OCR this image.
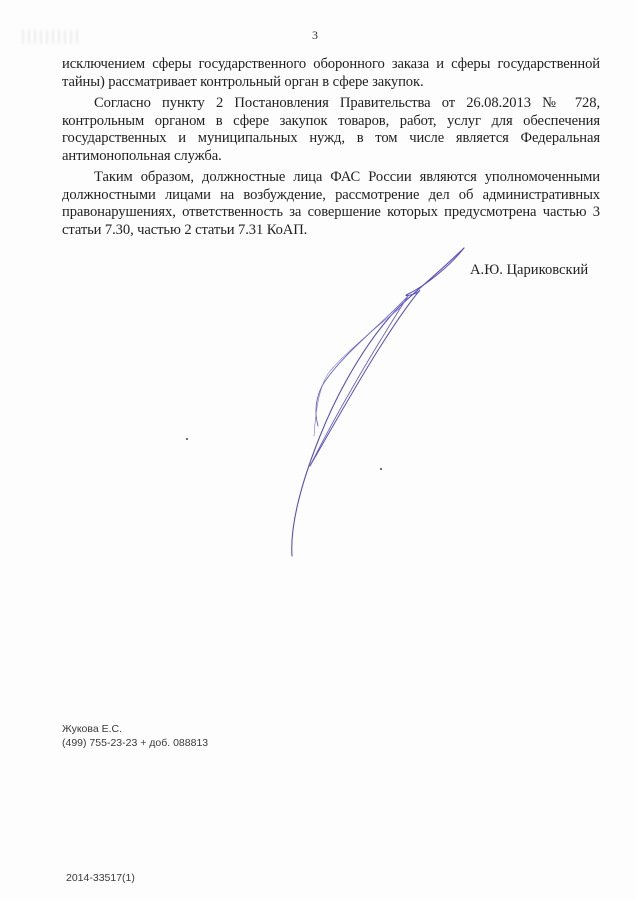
3

исключением сферы государственного оборонного заказа и сферы государственной тайны) рассматривает контрольный орган в сфере закупок.

Согласно пункту 2 Постановления Правительства от 26.08.2013 № 728, контрольным органом в сфере закупок товаров, работ, услуг для обеспечения государственных и муниципальных нужд, в том числе является Федеральная антимонопольная служба.

Таким образом, должностные лица ФАС России являются уполномоченными должностными лицами на возбуждение, рассмотрение дел об административных правонарушениях, ответственность за совершение которых предусмотрена частью 3 статьи 7.30, частью 2 статьи 7.31 КоАП.

А.Ю. Цариковский
Жукова Е.С.
(499) 755-23-23 + доб. 088813
2014-33517(1)
